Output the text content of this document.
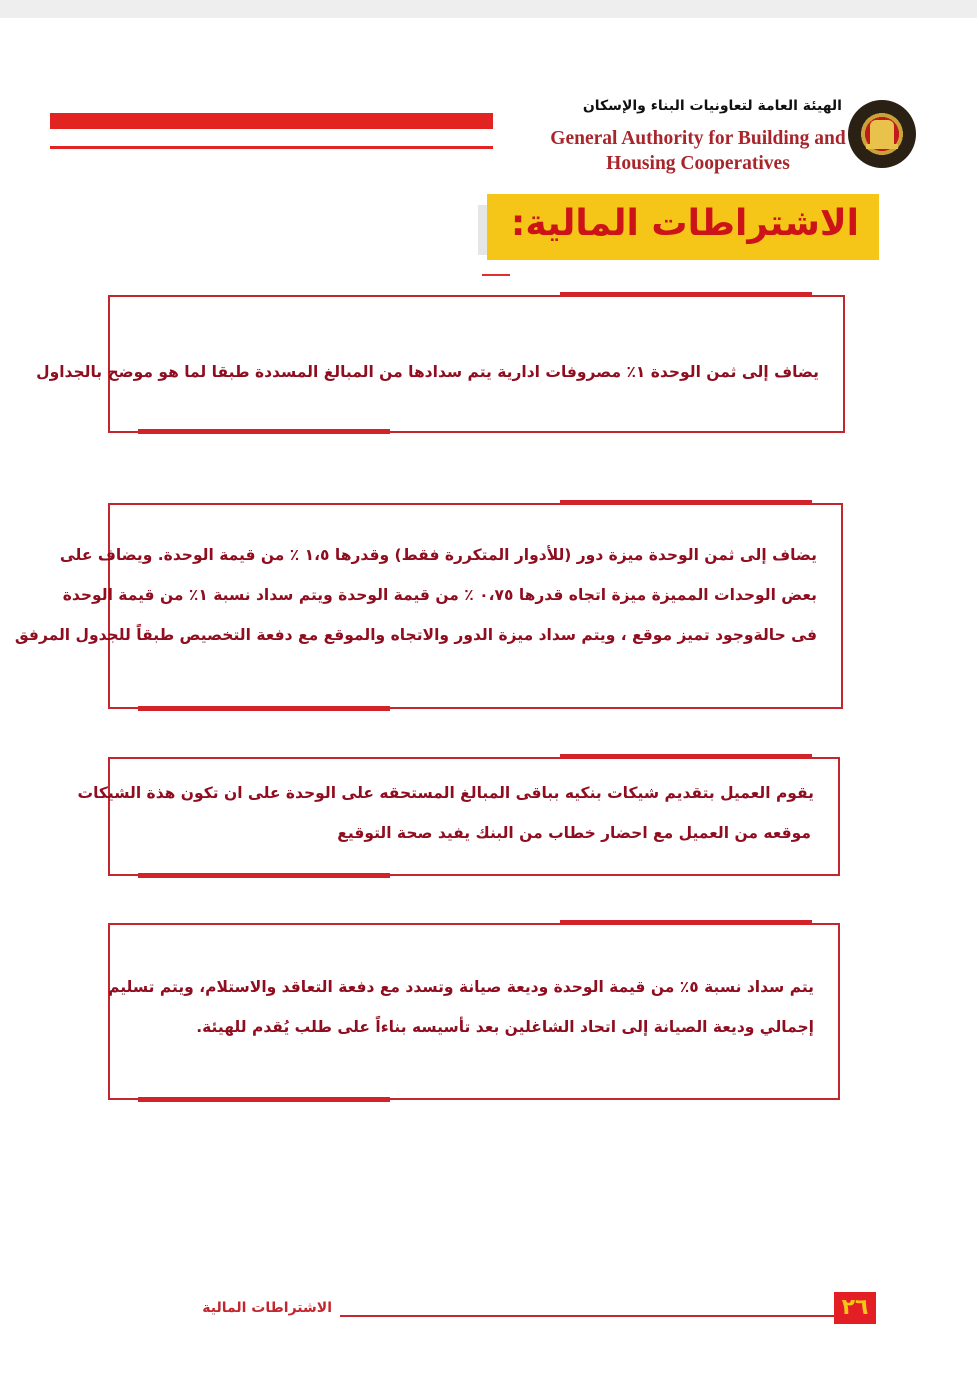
الهيئة العامة لتعاونيات البناء والإسكان
General Authority for Building and
Housing Cooperatives
الاشتراطات المالية:
يضاف إلى ثمن الوحدة ١٪ مصروفات ادارية يتم سدادها من المبالغ المسددة طبقا لما هو موضح بالجداول
يضاف إلى ثمن الوحدة ميزة دور (للأدوار المتكررة فقط) وقدرها ١،٥ ٪ من قيمة الوحدة. ويضاف على
بعض الوحدات المميزة ميزة اتجاه قدرها ٠،٧٥ ٪ من قيمة الوحدة ويتم سداد نسبة ١٪ من قيمة الوحدة
فى حالةوجود تميز موقع ، ويتم سداد ميزة الدور والاتجاه والموقع مع دفعة التخصيص طبقاً للجدول المرفق
يقوم العميل بتقديم شيكات بنكيه بباقى المبالغ المستحقه على الوحدة على ان تكون هذة الشيكات
موقعه من العميل مع احضار خطاب من البنك يفيد صحة التوقيع
يتم سداد نسبة ٥٪ من قيمة الوحدة وديعة صيانة وتسدد مع دفعة التعاقد والاستلام، ويتم تسليم
إجمالي وديعة الصيانة إلى اتحاد الشاغلين بعد تأسيسه بناءاً على طلب يُقدم للهيئة.
٢٦
الاشتراطات المالية
